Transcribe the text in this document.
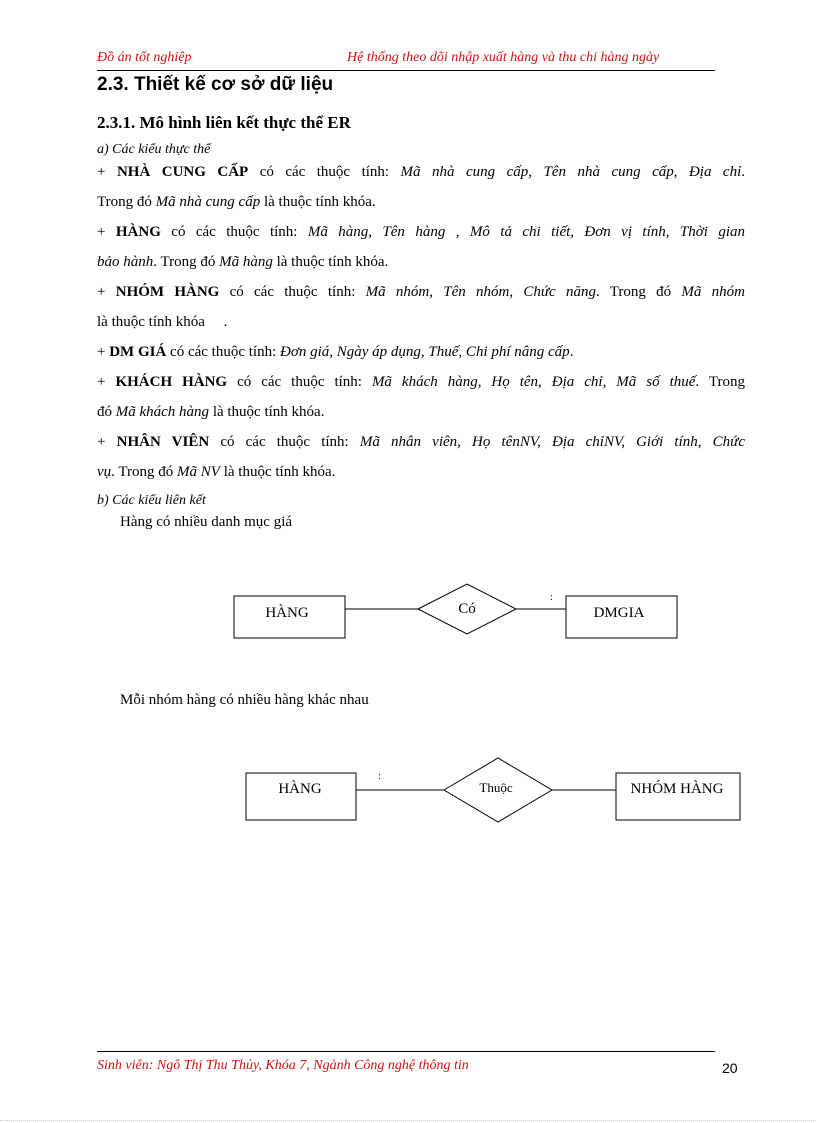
Đồ án tốt nghiệp	Hệ thống theo dõi nhập xuất hàng và thu chi hàng ngày
2.3. Thiết kế cơ sở dữ liệu
2.3.1. Mô hình liên kết thực thể ER
a) Các kiểu thực thể
+ NHÀ CUNG CẤP có các thuộc tính: Mã nhà cung cấp, Tên nhà cung cấp, Địa chỉ.
Trong đó Mã nhà cung cấp là thuộc tính khóa.
+ HÀNG có các thuộc tính: Mã hàng, Tên hàng , Mô tả chi tiết, Đơn vị tính, Thời gian
bảo hành. Trong đó Mã hàng là thuộc tính khóa.
+ NHÓM HÀNG có các thuộc tính: Mã nhóm, Tên nhóm, Chức năng. Trong đó Mã nhóm
là thuộc tính khóa     .
+ DM GIÁ có các thuộc tính: Đơn giá, Ngày áp dụng, Thuế, Chi phí nâng cấp.
+ KHÁCH HÀNG có các thuộc tính: Mã khách hàng, Họ tên, Địa chỉ, Mã số thuế. Trong
đó Mã khách hàng là thuộc tính khóa.
+ NHÂN VIÊN có các thuộc tính: Mã nhân viên, Họ tênNV, Địa chỉNV, Giới tính, Chức
vụ. Trong đó Mã NV là thuộc tính khóa.
b) Các kiểu liên kết
Hàng có nhiều danh mục giá
HÀNG	Có
:
DMGIA
HÀNG
:
Thuộc	NHÓM HÀNG
Mỗi nhóm hàng có nhiều hàng khác nhau
Sinh viên: Ngô Thị Thu Thủy, Khóa 7, Ngành Công nghệ thông tin	20
